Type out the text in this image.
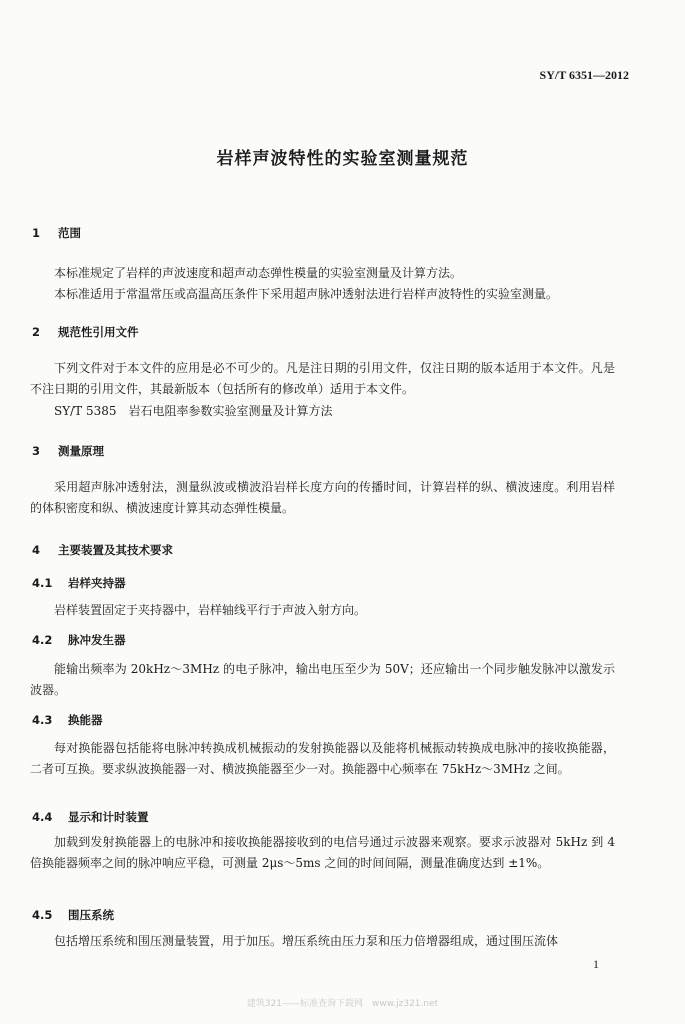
SY/T 6351—2012
岩样声波特性的实验室测量规范
1 范围
本标准规定了岩样的声波速度和超声动态弹性模量的实验室测量及计算方法。
本标准适用于常温常压或高温高压条件下采用超声脉冲透射法进行岩样声波特性的实验室测量。
2 规范性引用文件
下列文件对于本文件的应用是必不可少的。凡是注日期的引用文件，仅注日期的版本适用于本文件。凡是不注日期的引用文件，其最新版本（包括所有的修改单）适用于本文件。
SY/T 5385　岩石电阻率参数实验室测量及计算方法
3 测量原理
采用超声脉冲透射法，测量纵波或横波沿岩样长度方向的传播时间，计算岩样的纵、横波速度。利用岩样的体积密度和纵、横波速度计算其动态弹性模量。
4 主要装置及其技术要求
4.1 岩样夹持器
岩样装置固定于夹持器中，岩样轴线平行于声波入射方向。
4.2 脉冲发生器
能输出频率为 20kHz～3MHz 的电子脉冲，输出电压至少为 50V；还应输出一个同步触发脉冲以激发示波器。
4.3 换能器
每对换能器包括能将电脉冲转换成机械振动的发射换能器以及能将机械振动转换成电脉冲的接收换能器，二者可互换。要求纵波换能器一对、横波换能器至少一对。换能器中心频率在 75kHz～3MHz 之间。
4.4 显示和计时装置
加载到发射换能器上的电脉冲和接收换能器接收到的电信号通过示波器来观察。要求示波器对 5kHz 到 4 倍换能器频率之间的脉冲响应平稳，可测量 2μs～5ms 之间的时间间隔，测量准确度达到 ±1%。
4.5 围压系统
包括增压系统和围压测量装置，用于加压。增压系统由压力泵和压力倍增器组成，通过围压流体
1
建筑321——标准查询下载网　www.jz321.net
